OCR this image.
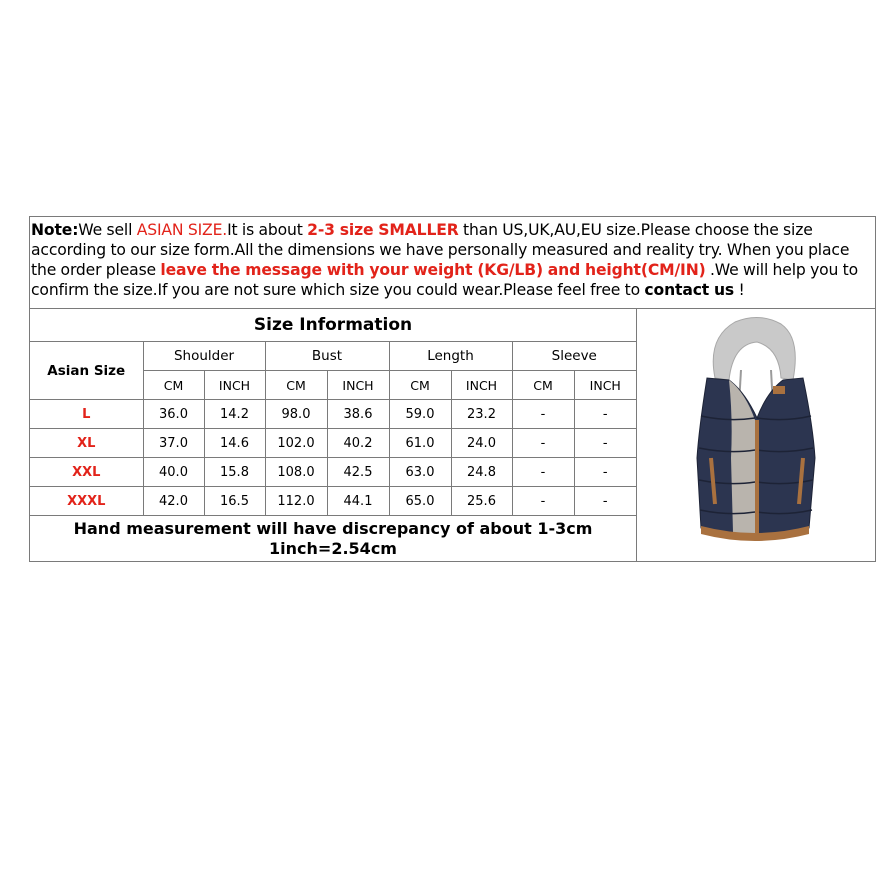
Note:We sell ASIAN SIZE.It is about 2-3 size SMALLER than US,UK,AU,EU size.Please choose the size according to our size form.All the dimensions we have personally measured and reality try. When you place the order please leave the message with your weight (KG/LB) and height(CM/IN) .We will help you to confirm the size.If you are not sure which size you could wear.Please feel free to contact us !
Size Information								
Asian Size	Shoulder		Bust		Length		Sleeve	
	CM	INCH	CM	INCH	CM	INCH	CM	INCH
L	36.0	14.2	98.0	38.6	59.0	23.2	-	-
XL	37.0	14.6	102.0	40.2	61.0	24.0	-	-
XXL	40.0	15.8	108.0	42.5	63.0	24.8	-	-
XXXL	42.0	16.5	112.0	44.1	65.0	25.6	-	-

Hand measurement will have discrepancy of about 1-3cm
1inch=2.54cm								
